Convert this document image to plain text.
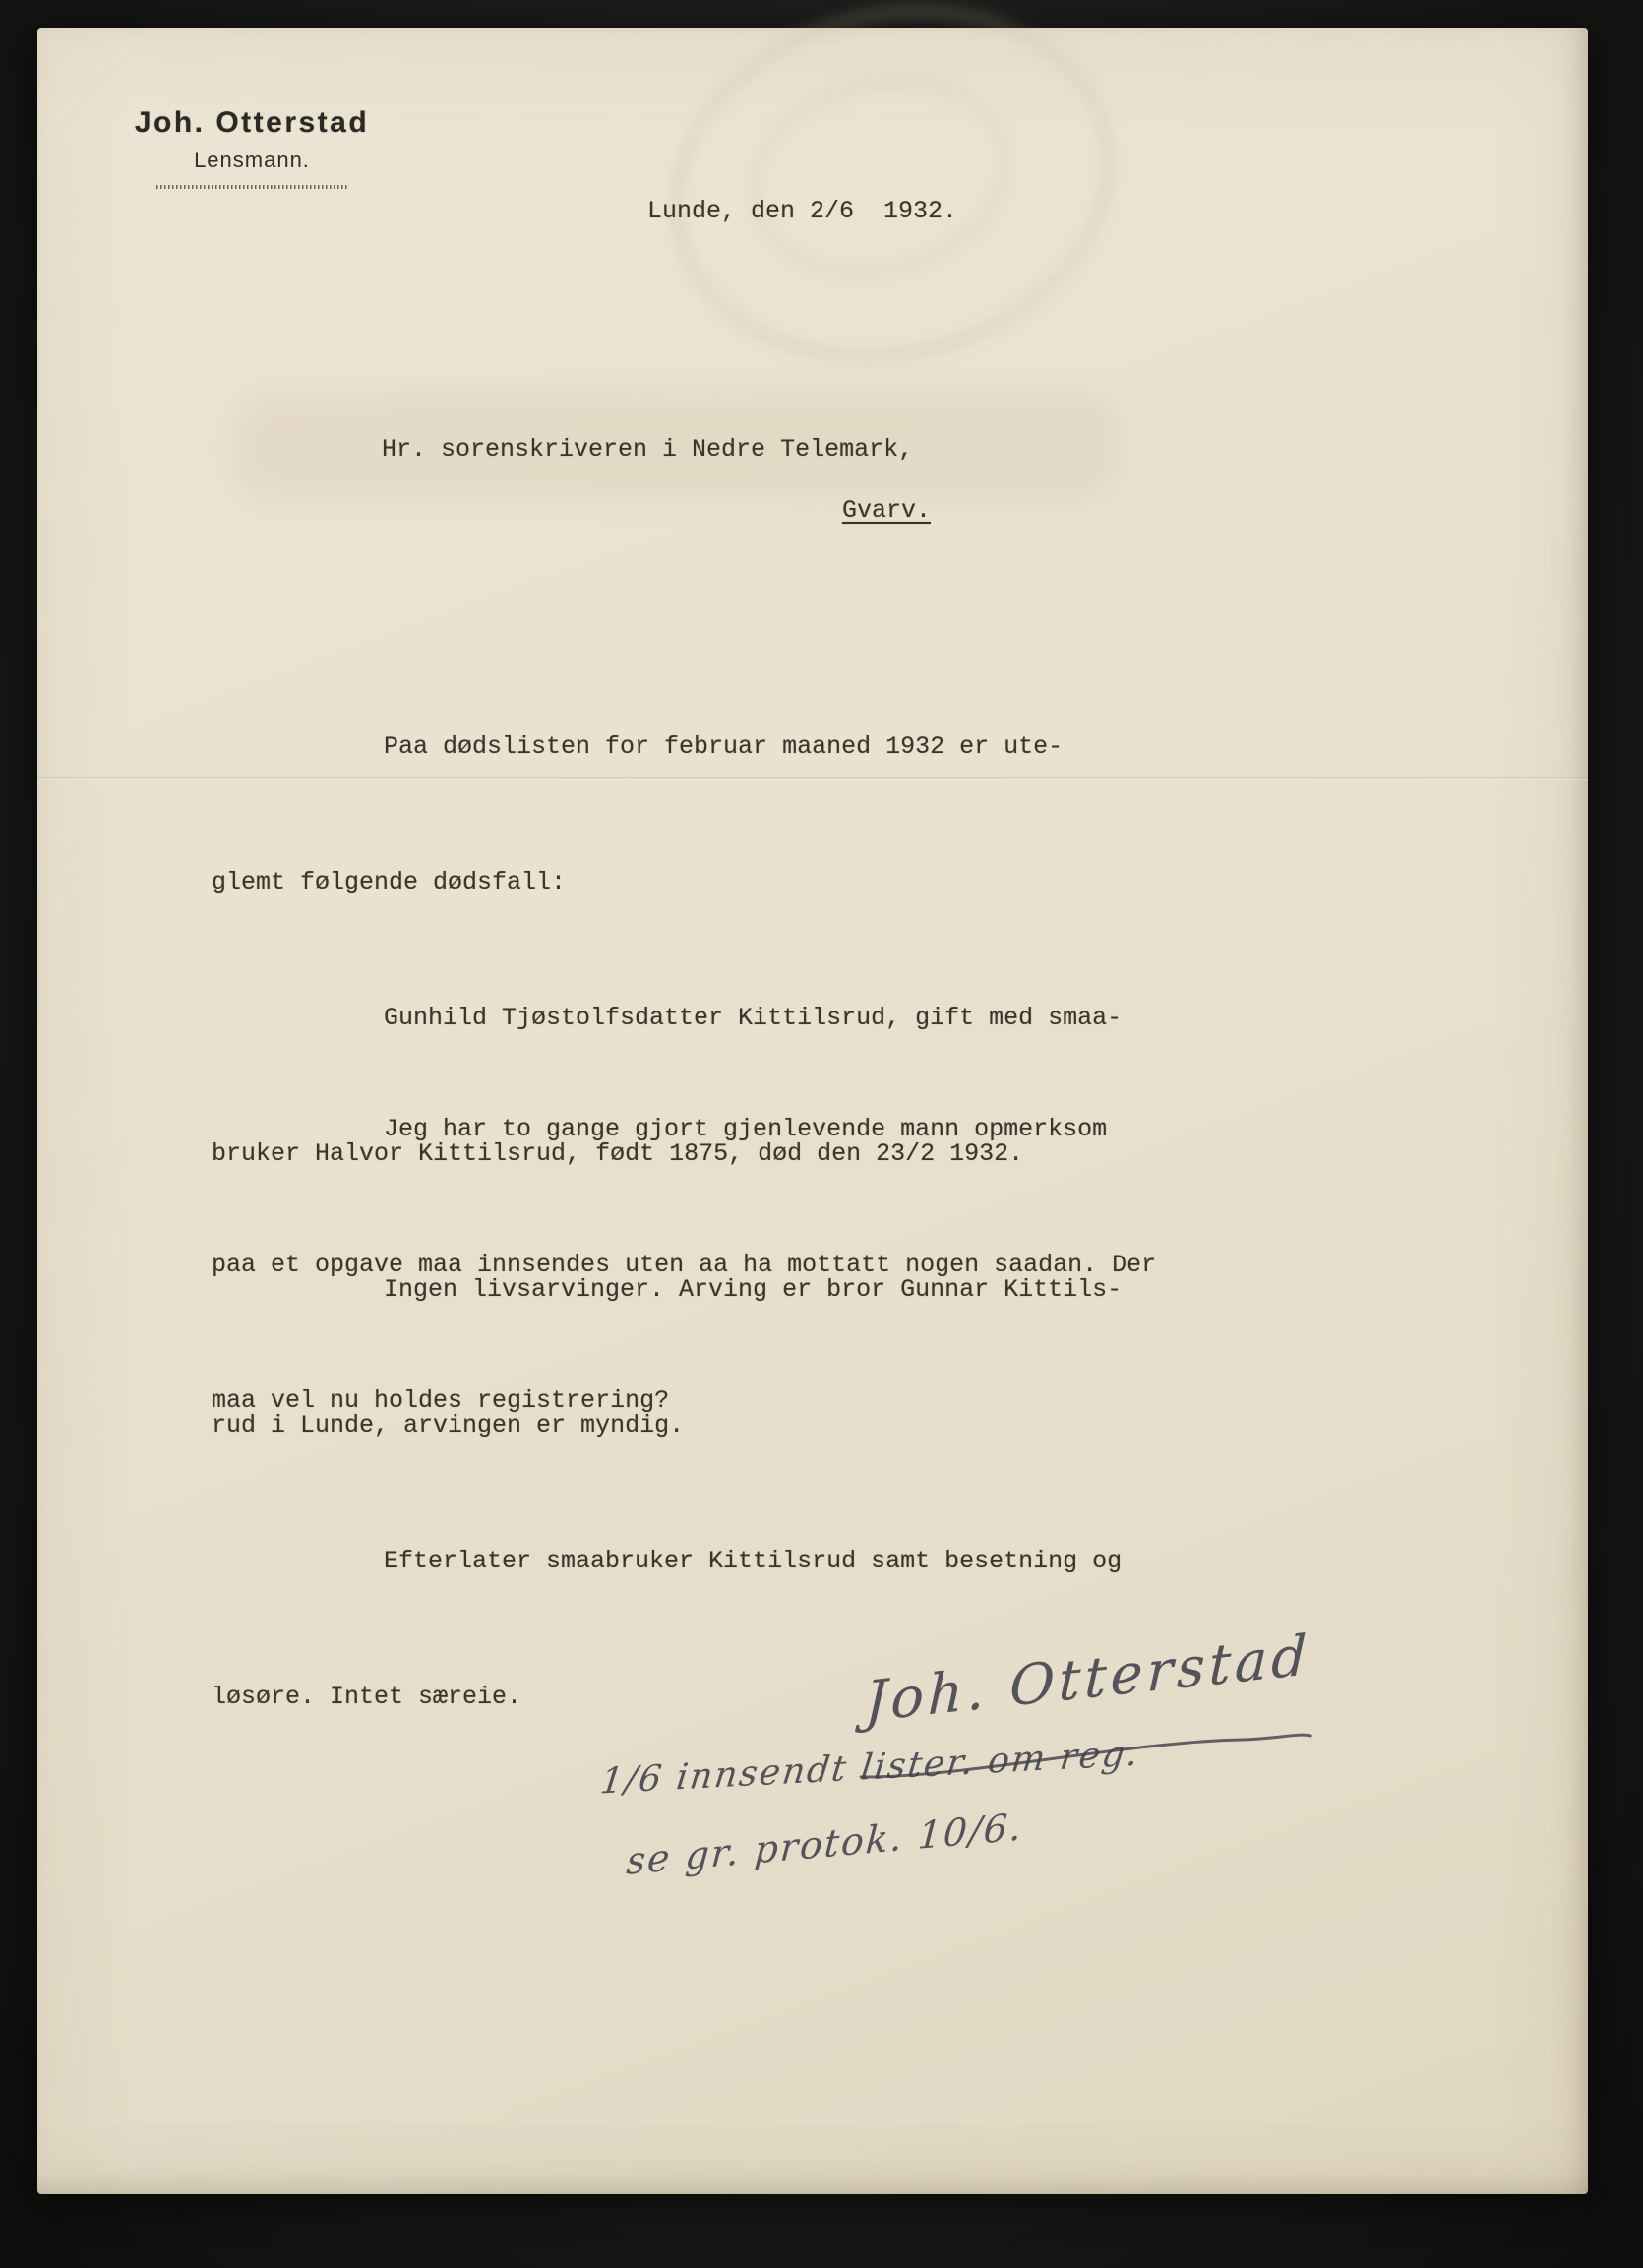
Joh. Otterstad
Lensmann.
Lunde, den 2/6  1932.
Hr. sorenskriveren i Nedre Telemark,
Gvarv.

Paa dødslisten for februar maaned 1932 er ute-

glemt følgende dødsfall:

Gunhild Tjøstolfsdatter Kittilsrud, gift med smaa-

bruker Halvor Kittilsrud, født 1875, død den 23/2 1932.

Ingen livsarvinger. Arving er bror Gunnar Kittils-

rud i Lunde, arvingen er myndig.

Efterlater smaabruker Kittilsrud samt besetning og

løsøre. Intet særeie.

Jeg har to gange gjort gjenlevende mann opmerksom

paa et opgave maa innsendes uten aa ha mottatt nogen saadan. Der

maa vel nu holdes registrering?

Joh. Otterstad
1/6 innsendt lister. om reg.
se gr. protok. 10/6.
